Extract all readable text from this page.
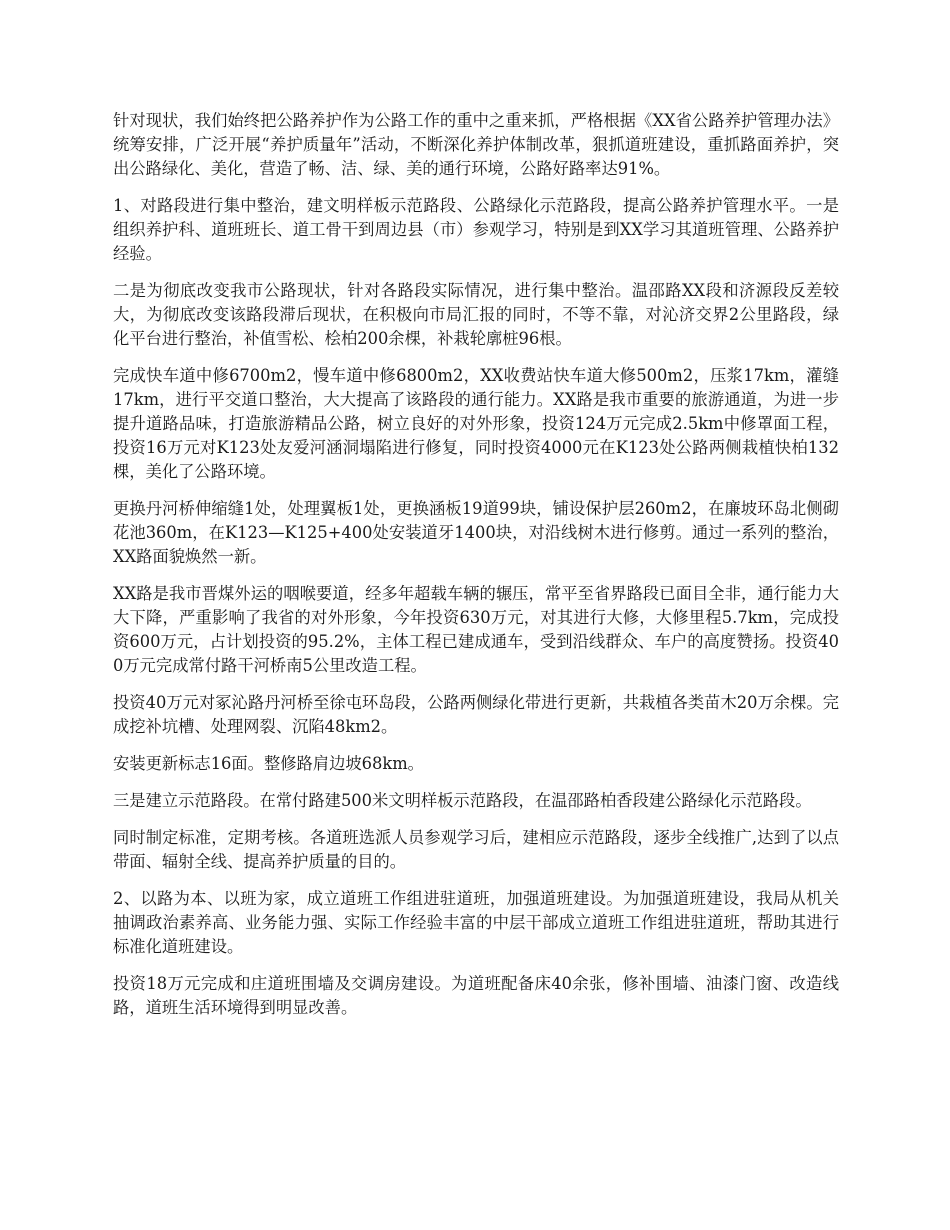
针对现状，我们始终把公路养护作为公路工作的重中之重来抓，严格根据《XX省公路养护管理办法》统筹安排，广泛开展“养护质量年”活动，不断深化养护体制改革，狠抓道班建设，重抓路面养护，突出公路绿化、美化，营造了畅、洁、绿、美的通行环境，公路好路率达91%。

1、对路段进行集中整治，建文明样板示范路段、公路绿化示范路段，提高公路养护管理水平。一是组织养护科、道班班长、道工骨干到周边县（市）参观学习，特别是到XX学习其道班管理、公路养护经验。

二是为彻底改变我市公路现状，针对各路段实际情况，进行集中整治。温邵路XX段和济源段反差较大，为彻底改变该路段滞后现状，在积极向市局汇报的同时，不等不靠，对沁济交界2公里路段，绿化平台进行整治，补值雪松、桧柏200余棵，补栽轮廓桩96根。

完成快车道中修6700m2，慢车道中修6800m2，XX收费站快车道大修500m2，压浆17km，灌缝17km，进行平交道口整治，大大提高了该路段的通行能力。XX路是我市重要的旅游通道，为进一步提升道路品味，打造旅游精品公路，树立良好的对外形象，投资124万元完成2.5km中修罩面工程，投资16万元对K123处友爱河涵洞塌陷进行修复，同时投资4000元在K123处公路两侧栽植快柏132棵，美化了公路环境。

更换丹河桥伸缩缝1处，处理翼板1处，更换涵板19道99块，铺设保护层260m2，在廉坡环岛北侧砌花池360m，在K123—K125+400处安装道牙1400块，对沿线树木进行修剪。通过一系列的整治，XX路面貌焕然一新。

XX路是我市晋煤外运的咽喉要道，经多年超载车辆的辗压，常平至省界路段已面目全非，通行能力大大下降，严重影响了我省的对外形象，今年投资630万元，对其进行大修，大修里程5.7km，完成投资600万元，占计划投资的95.2%，主体工程已建成通车，受到沿线群众、车户的高度赞扬。投资400万元完成常付路干河桥南5公里改造工程。

投资40万元对冢沁路丹河桥至徐屯环岛段，公路两侧绿化带进行更新，共栽植各类苗木20万余棵。完成挖补坑槽、处理网裂、沉陷48km2。

安装更新标志16面。整修路肩边坡68km。

三是建立示范路段。在常付路建500米文明样板示范路段，在温邵路柏香段建公路绿化示范路段。

同时制定标准，定期考核。各道班选派人员参观学习后，建相应示范路段，逐步全线推广,达到了以点带面、辐射全线、提高养护质量的目的。

2、以路为本、以班为家，成立道班工作组进驻道班，加强道班建设。为加强道班建设，我局从机关抽调政治素养高、业务能力强、实际工作经验丰富的中层干部成立道班工作组进驻道班，帮助其进行标准化道班建设。

投资18万元完成和庄道班围墙及交调房建设。为道班配备床40余张，修补围墙、油漆门窗、改造线路，道班生活环境得到明显改善。
